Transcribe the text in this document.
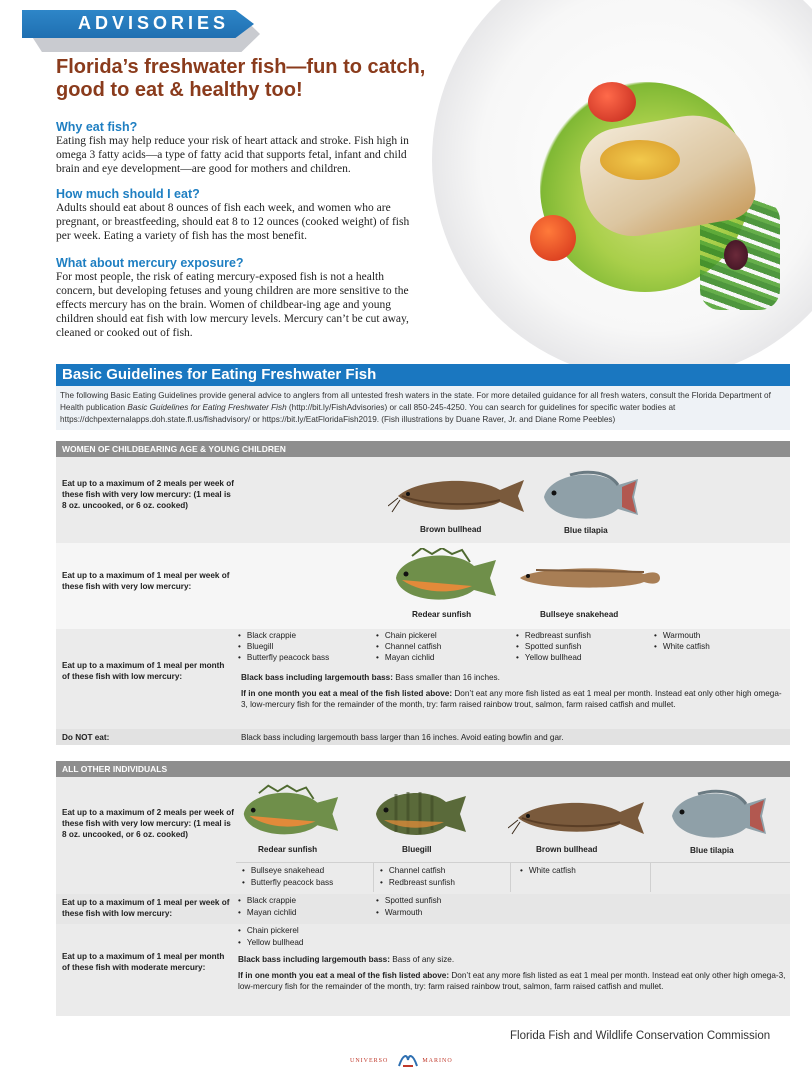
ADVISORIES
Florida’s freshwater fish—fun to catch, good to eat & healthy too!
Why eat fish?
Eating fish may help reduce your risk of heart attack and stroke. Fish high in omega 3 fatty acids—a type of fatty acid that supports fetal, infant and child brain and eye development—are good for mothers and children.
How much should I eat?
Adults should eat about 8 ounces of fish each week, and women who are pregnant, or breastfeeding, should eat 8 to 12 ounces (cooked weight) of fish per week. Eating a variety of fish has the most benefit.
What about mercury exposure?
For most people, the risk of eating mercury-exposed fish is not a health concern, but developing fetuses and young children are more sensitive to the effects mercury has on the brain. Women of childbear-ing age and young children should eat fish with low mercury levels. Mercury can’t be cut away, cleaned or cooked out of fish.
Basic Guidelines for Eating Freshwater Fish
The following Basic Eating Guidelines provide general advice to anglers from all untested fresh waters in the state. For more detailed guidance for all fresh waters, consult the Florida Department of Health publication Basic Guidelines for Eating Freshwater Fish (http://bit.ly/FishAdvisories) or call 850-245-4250. You can search for guidelines for specific water bodies at https://dchpexternalapps.doh.state.fl.us/fishadvisory/ or https://bit.ly/EatFloridaFish2019. (Fish illustrations by Duane Raver, Jr. and Diane Rome Peebles)
WOMEN OF CHILDBEARING AGE & YOUNG CHILDREN
Eat up to a maximum of 2 meals per week of these fish with very low mercury: (1 meal is 8 oz. uncooked, or 6 oz. cooked)
Brown bullhead	Blue tilapia
Eat up to a maximum of 1 meal per week of these fish with very low mercury:
Redear sunfish	Bullseye snakehead
Eat up to a maximum of 1 meal per month of these fish with low mercury:
• Black crappie
• Bluegill
• Butterfly peacock bass
• Chain pickerel
• Channel catfish
• Mayan cichlid
• Redbreast sunfish
• Spotted sunfish
• Yellow bullhead
• Warmouth
• White catfish
Black bass including largemouth bass: Bass smaller than 16 inches.
If in one month you eat a meal of the fish listed above: Don’t eat any more fish listed as eat 1 meal per month. Instead eat only other high omega-3, low-mercury fish for the remainder of the month, try: farm raised rainbow trout, salmon, farm raised catfish and mullet.
Do NOT eat:	Black bass including largemouth bass larger than 16 inches. Avoid eating bowfin and gar.
ALL OTHER INDIVIDUALS
Eat up to a maximum of 2 meals per week of these fish with very low mercury: (1 meal is 8 oz. uncooked, or 6 oz. cooked)
Redear sunfish	Bluegill	Brown bullhead	Blue tilapia
• Bullseye snakehead
• Butterfly peacock bass
• Channel catfish
• Redbreast sunfish
• White catfish
Eat up to a maximum of 1 meal per week of these fish with low mercury:
• Black crappie
• Mayan cichlid
• Spotted sunfish
• Warmouth
Eat up to a maximum of 1 meal per month of these fish with moderate mercury:
• Chain pickerel
• Yellow bullhead
Black bass including largemouth bass: Bass of any size.
If in one month you eat a meal of the fish listed above: Don’t eat any more fish listed as eat 1 meal per month. Instead eat only other high omega-3, low-mercury fish for the remainder of the month, try: farm raised rainbow trout, salmon, farm raised catfish and mullet.
Florida Fish and Wildlife Conservation Commission
UNIVERSO	MARINO
